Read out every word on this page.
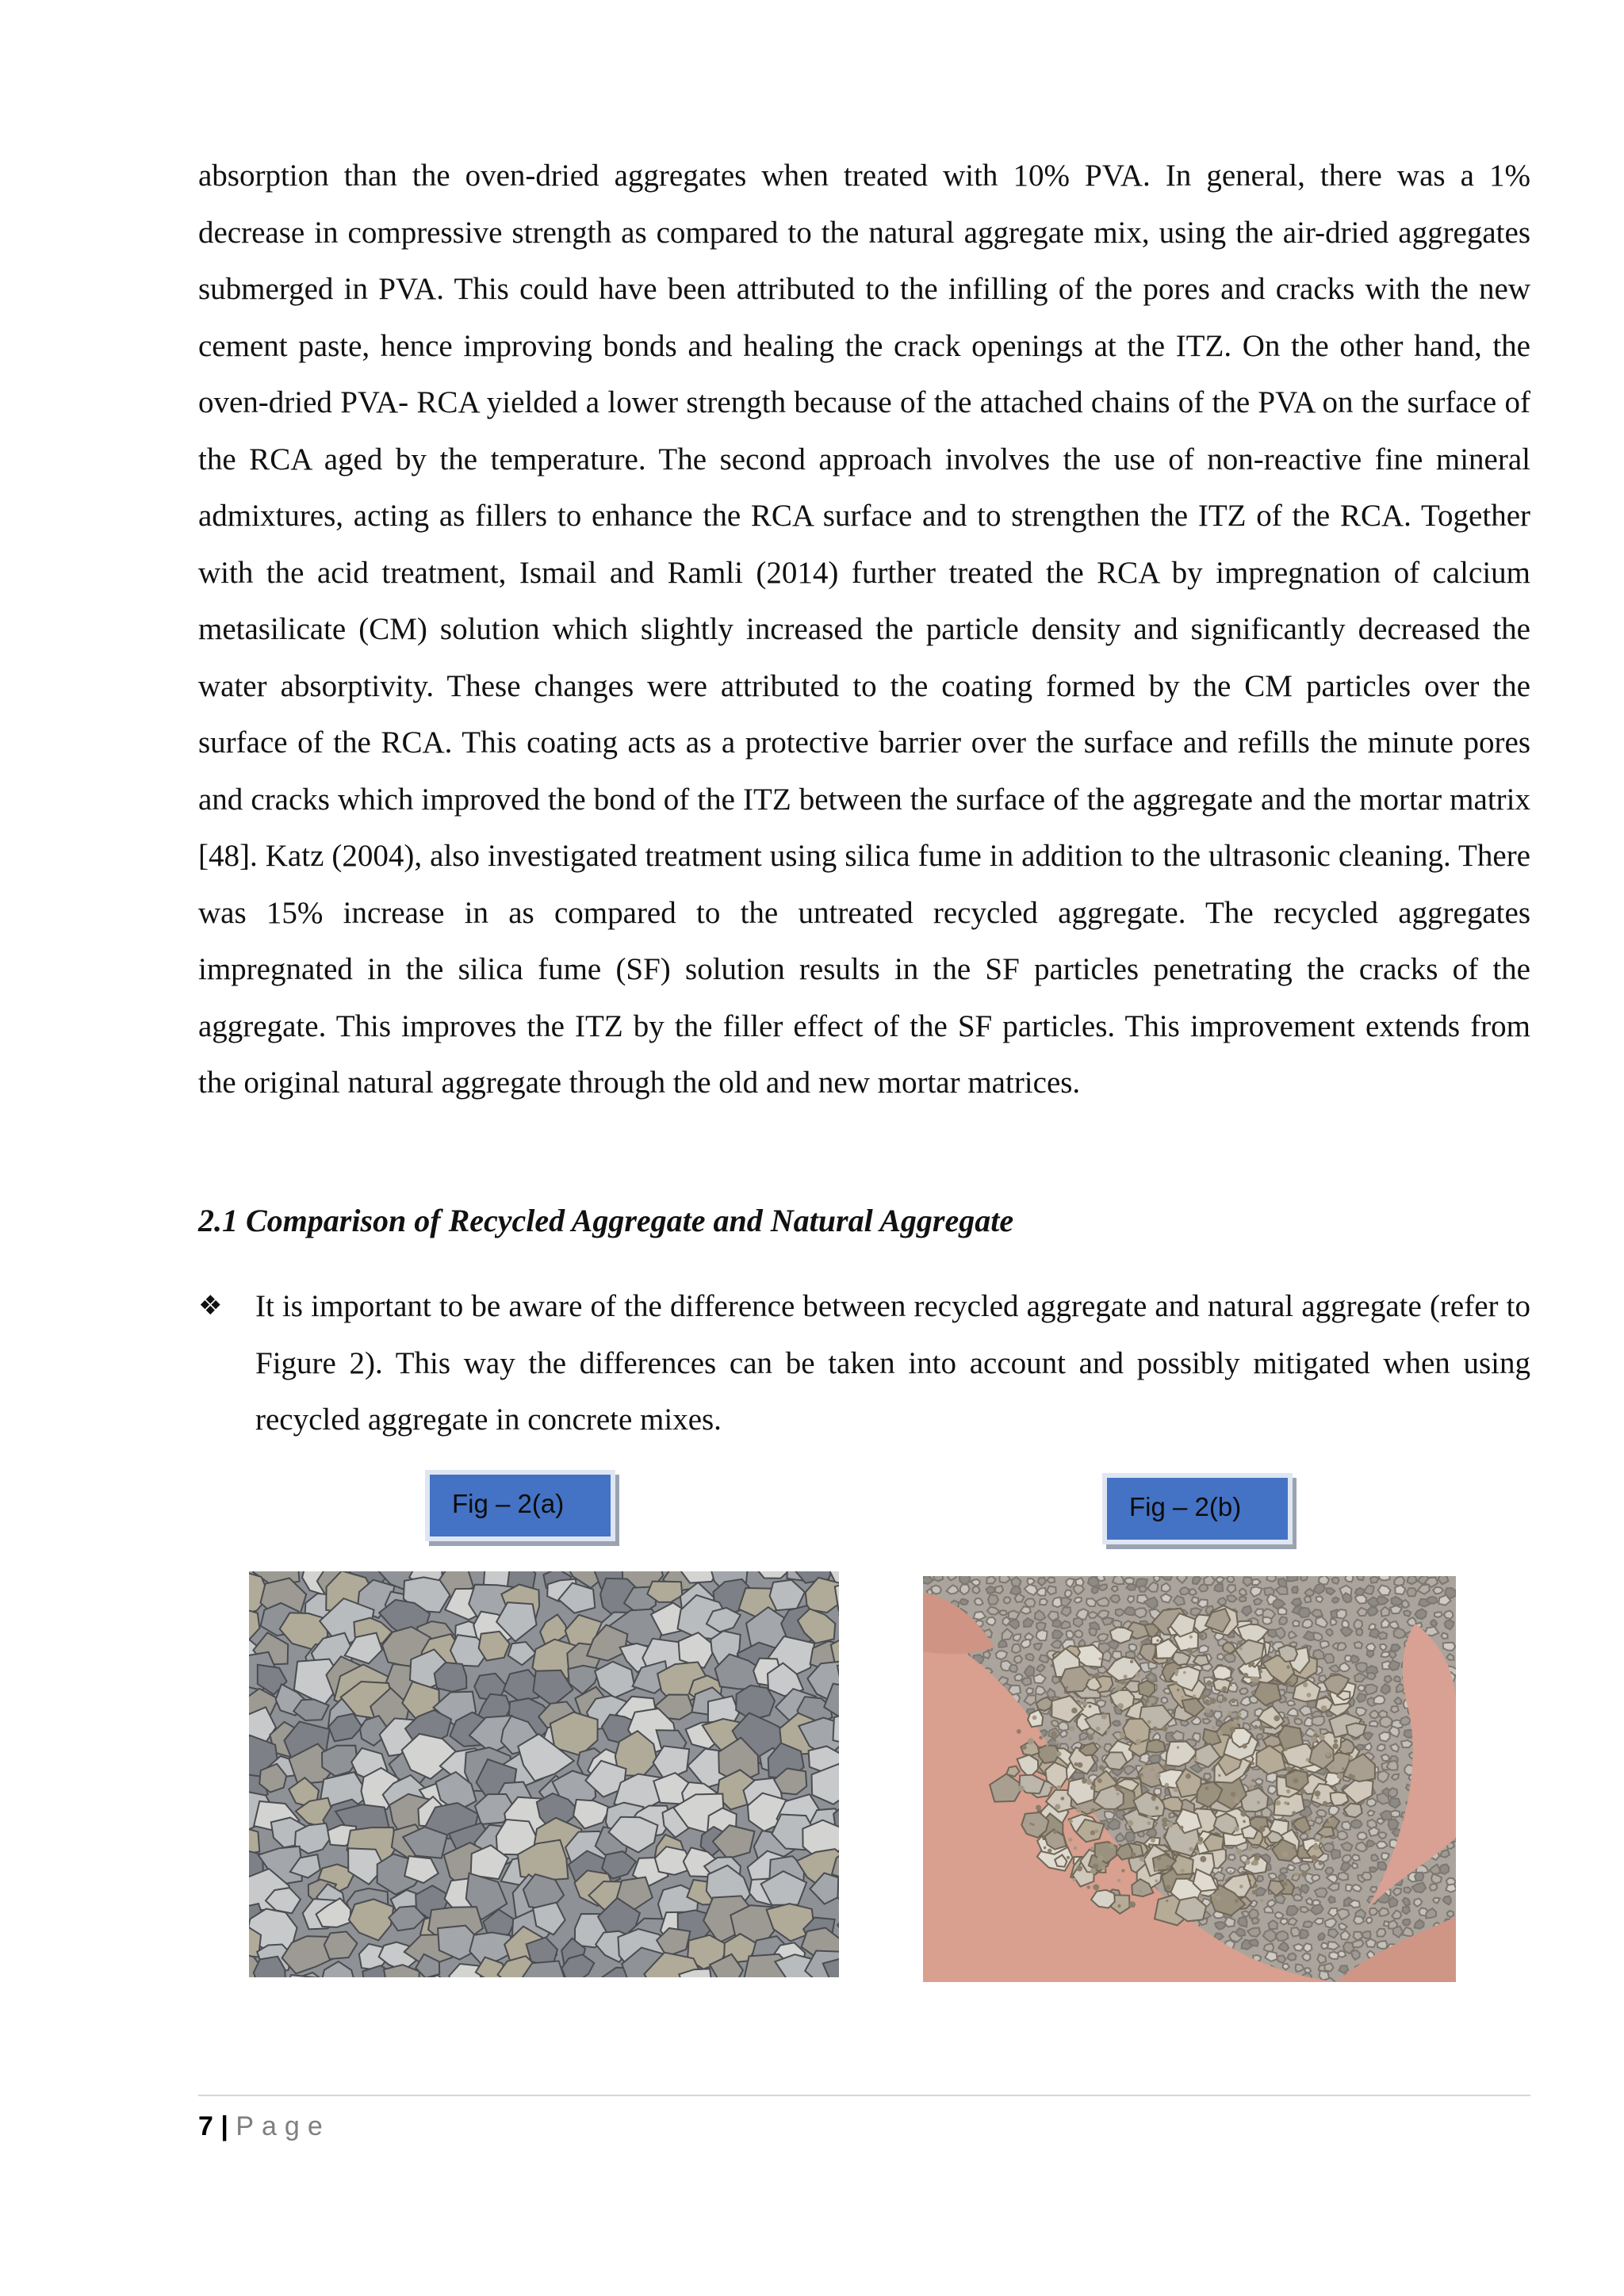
absorption than the oven-dried aggregates when treated with 10% PVA. In general, there was a 1% decrease in compressive strength as compared to the natural aggregate mix, using the air-dried aggregates submerged in PVA. This could have been attributed to the infilling of the pores and cracks with the new cement paste, hence improving bonds and healing the crack openings at the ITZ. On the other hand, the oven-dried PVA- RCA yielded a lower strength because of the attached chains of the PVA on the surface of the RCA aged by the temperature. The second approach involves the use of non-reactive fine mineral admixtures, acting as fillers to enhance the RCA surface and to strengthen the ITZ of the RCA. Together with the acid treatment, Ismail and Ramli (2014) further treated the RCA by impregnation of calcium metasilicate (CM) solution which slightly increased the particle density and significantly decreased the water absorptivity. These changes were attributed to the coating formed by the CM particles over the surface of the RCA. This coating acts as a protective barrier over the surface and refills the minute pores and cracks which improved the bond of the ITZ between the surface of the aggregate and the mortar matrix [48]. Katz (2004), also investigated treatment using silica fume in addition to the ultrasonic cleaning. There was 15% increase in as compared to the untreated recycled aggregate. The recycled aggregates impregnated in the silica fume (SF) solution results in the SF particles penetrating the cracks of the aggregate. This improves the ITZ by the filler effect of the SF particles. This improvement extends from the original natural aggregate through the old and new mortar matrices.

2.1 Comparison of Recycled Aggregate and Natural Aggregate
❖	It is important to be aware of the difference between recycled aggregate and natural aggregate (refer to Figure 2). This way the differences can be taken into account and possibly mitigated when using recycled aggregate in concrete mixes.

Fig – 2(a)	Fig – 2(b)
7 | Page
